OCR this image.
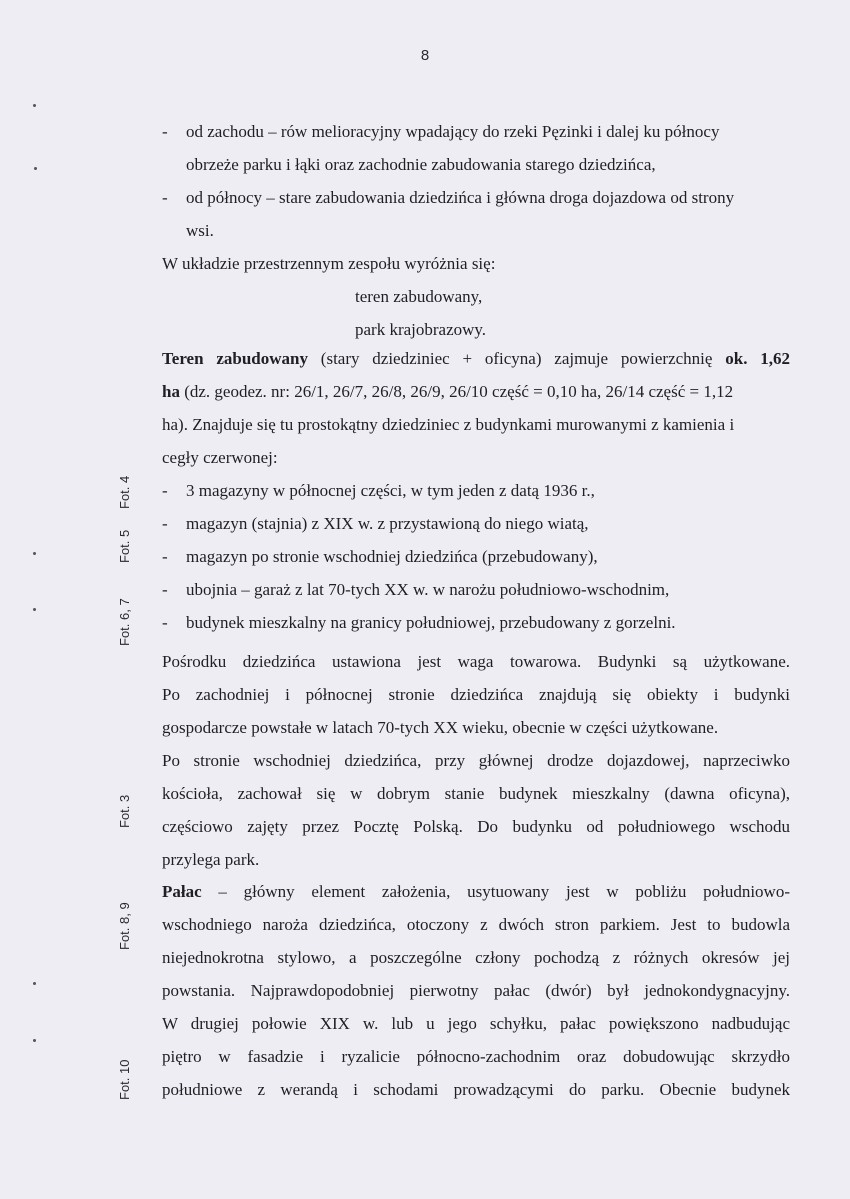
8
Fot. 4
Fot. 5
Fot. 6, 7
Fot. 3
Fot. 8, 9
Fot. 10
- od zachodu – rów melioracyjny wpadający do rzeki Pęzinki i dalej ku północy
obrzeże parku i łąki oraz zachodnie zabudowania starego dziedzińca,
- od północy – stare zabudowania dziedzińca i główna droga dojazdowa od strony
wsi.
W układzie przestrzennym zespołu wyróżnia się:
teren zabudowany,
park krajobrazowy.
Teren zabudowany (stary dziedziniec + oficyna) zajmuje powierzchnię ok. 1,62
ha (dz. geodez. nr: 26/1, 26/7, 26/8, 26/9, 26/10 część = 0,10 ha, 26/14 część = 1,12
ha). Znajduje się tu prostokątny dziedziniec z budynkami murowanymi z kamienia i
cegły czerwonej:
- 3 magazyny w północnej części, w tym jeden z datą 1936 r.,
- magazyn (stajnia) z XIX w. z przystawioną do niego wiatą,
- magazyn po stronie wschodniej dziedzińca (przebudowany),
- ubojnia – garaż z lat 70-tych XX w. w narożu południowo-wschodnim,
- budynek mieszkalny na granicy południowej, przebudowany z gorzelni.
Pośrodku dziedzińca ustawiona jest waga towarowa. Budynki są użytkowane.
Po zachodniej i północnej stronie dziedzińca znajdują się obiekty i budynki
gospodarcze powstałe w latach 70-tych XX wieku, obecnie w części użytkowane.
Po stronie wschodniej dziedzińca, przy głównej drodze dojazdowej, naprzeciwko
kościoła, zachował się w dobrym stanie budynek mieszkalny (dawna oficyna),
częściowo zajęty przez Pocztę Polską. Do budynku od południowego wschodu
przylega park.
Pałac – główny element założenia, usytuowany jest w pobliżu południowo-
wschodniego naroża dziedzińca, otoczony z dwóch stron parkiem. Jest to budowla
niejednokrotna stylowo, a poszczególne człony pochodzą z różnych okresów jej
powstania. Najprawdopodobniej pierwotny pałac (dwór) był jednokondygnacyjny.
W drugiej połowie XIX w. lub u jego schyłku, pałac powiększono nadbudując
piętro w fasadzie i ryzalicie północno-zachodnim oraz dobudowując skrzydło
południowe z werandą i schodami prowadzącymi do parku. Obecnie budynek
